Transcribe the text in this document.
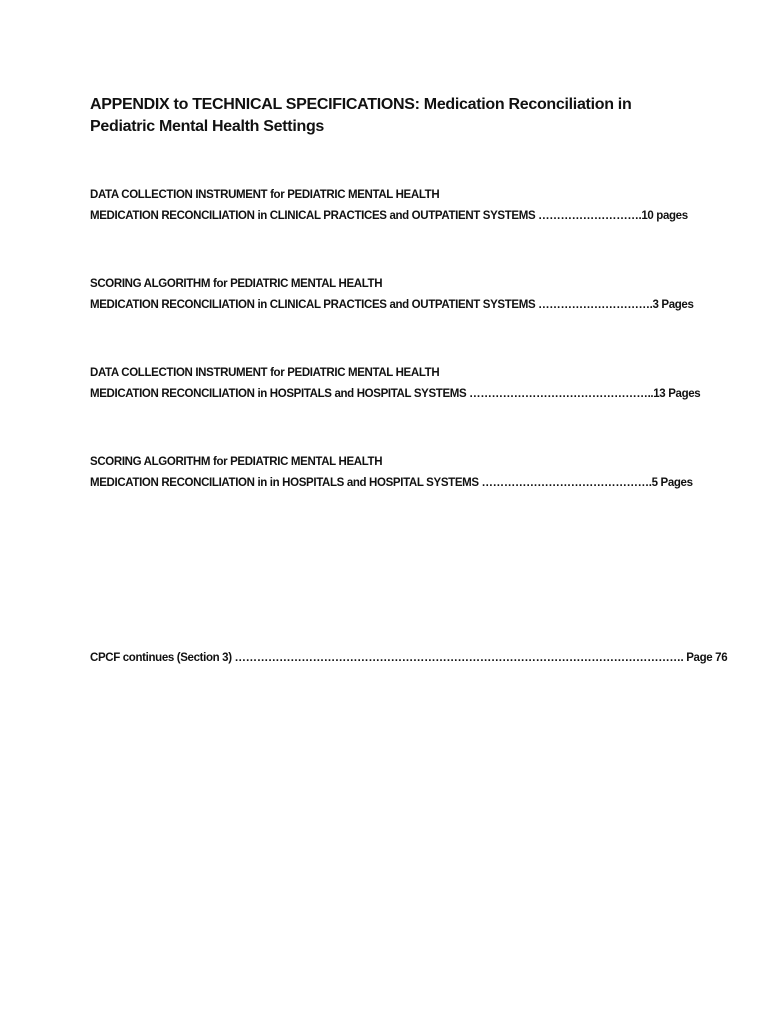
APPENDIX to TECHNICAL SPECIFICATIONS: Medication Reconciliation in Pediatric Mental Health Settings
DATA COLLECTION INSTRUMENT for PEDIATRIC MENTAL HEALTH
MEDICATION RECONCILIATION in CLINICAL PRACTICES and OUTPATIENT SYSTEMS ……………………….10 pages
SCORING ALGORITHM for PEDIATRIC MENTAL HEALTH
MEDICATION RECONCILIATION in CLINICAL PRACTICES and OUTPATIENT SYSTEMS ………………………….3 Pages
DATA COLLECTION INSTRUMENT for PEDIATRIC MENTAL HEALTH
MEDICATION RECONCILIATION in HOSPITALS and HOSPITAL SYSTEMS …………………………………………..13 Pages
SCORING ALGORITHM for PEDIATRIC MENTAL HEALTH
MEDICATION RECONCILIATION in in HOSPITALS and HOSPITAL SYSTEMS ……………………………………….5 Pages
CPCF continues (Section 3) …………………………………………………………………………………………………………. Page 76
